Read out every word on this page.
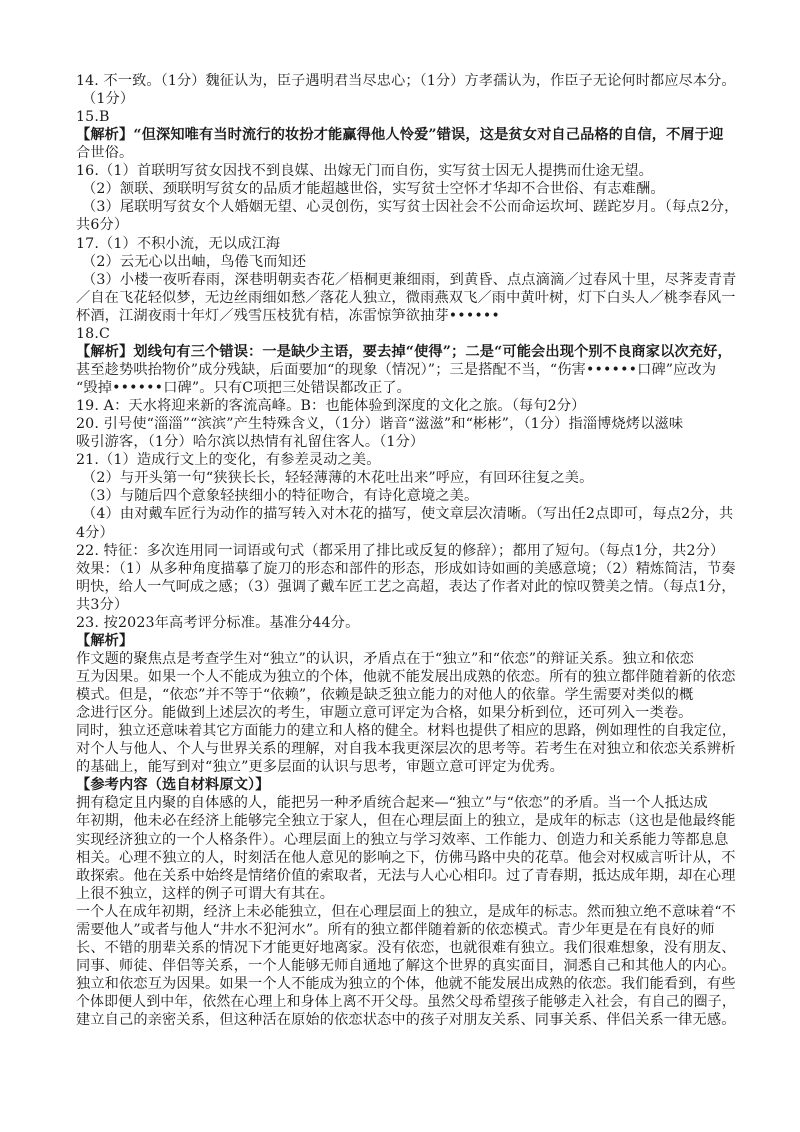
14. 不一致。（1分）魏征认为，臣子遇明君当尽忠心；（1分）方孝孺认为，作臣子无论何时都应尽本分。
（1分）
15.B
【解析】“但深知唯有当时流行的妆扮才能赢得他人怜爱”错误，这是贫女对自己品格的自信，不屑于迎
合世俗。
16.（1）首联明写贫女因找不到良媒、出嫁无门而自伤，实写贫士因无人提携而仕途无望。
（2）颔联、颈联明写贫女的品质才能超越世俗，实写贫士空怀才华却不合世俗、有志难酬。
（3）尾联明写贫女个人婚姻无望、心灵创伤，实写贫士因社会不公而命运坎坷、蹉跎岁月。（每点2分，
共6分）
17.（1）不积小流，无以成江海
（2）云无心以出岫，鸟倦飞而知还
（3）小楼一夜听春雨，深巷明朝卖杏花／梧桐更兼细雨，到黄昏、点点滴滴／过春风十里，尽荠麦青青
／自在飞花轻似梦，无边丝雨细如愁／落花人独立，微雨燕双飞／雨中黄叶树，灯下白头人／桃李春风一
杯酒，江湖夜雨十年灯／残雪压枝犹有桔，冻雷惊笋欲抽芽••••••
18.C
【解析】划线句有三个错误：一是缺少主语，要去掉“使得”；二是“可能会出现个别不良商家以次充好，
甚至趁势哄抬物价”成分残缺，后面要加“的现象（情况）”；三是搭配不当，“伤害••••••口碑”应改为
“毁掉••••••口碑”。只有C项把三处错误都改正了。
19. A：天水将迎来新的客流高峰。B：也能体验到深度的文化之旅。（每句2分）
20. 引号使“淄淄”“滨滨”产生特殊含义，（1分）谐音“滋滋”和“彬彬”，（1分）指淄博烧烤以滋味
吸引游客，（1分）哈尔滨以热情有礼留住客人。（1分）
21.（1）造成行文上的变化，有参差灵动之美。
（2）与开头第一句“狭狭长长，轻轻薄薄的木花吐出来”呼应，有回环往复之美。
（3）与随后四个意象轻挟细小的特征吻合，有诗化意境之美。
（4）由对戴车匠行为动作的描写转入对木花的描写，使文章层次清晰。（写出任2点即可，每点2分，共
4分）
22. 特征：多次连用同一词语或句式（都采用了排比或反复的修辞）；都用了短句。（每点1分，共2分）
效果：（1）从多种角度描摹了旋刀的形态和部件的形态，形成如诗如画的美感意境；（2）精炼简洁，节奏
明快，给人一气呵成之感；（3）强调了戴车匠工艺之高超，表达了作者对此的惊叹赞美之情。（每点1分，
共3分）
23. 按2023年高考评分标准。基准分44分。
【解析】
作文题的聚焦点是考查学生对“独立”的认识，矛盾点在于“独立”和“依恋”的辩证关系。独立和依恋
互为因果。如果一个人不能成为独立的个体，他就不能发展出成熟的依恋。所有的独立都伴随着新的依恋
模式。但是，“依恋”并不等于“依赖”，依赖是缺乏独立能力的对他人的依靠。学生需要对类似的概
念进行区分。能做到上述层次的考生，审题立意可评定为合格，如果分析到位，还可列入一类卷。
同时，独立还意味着其它方面能力的建立和人格的健全。材料也提供了相应的思路，例如理性的自我定位，
对个人与他人、个人与世界关系的理解，对自我本我更深层次的思考等。若考生在对独立和依恋关系辨析
的基础上，能写到对“独立”更多层面的认识与思考，审题立意可评定为优秀。
【参考内容（选自材料原文）】
拥有稳定且内聚的自体感的人，能把另一种矛盾统合起来—“独立”与“依恋”的矛盾。当一个人抵达成
年初期，他未必在经济上能够完全独立于家人，但在心理层面上的独立，是成年的标志（这也是他最终能
实现经济独立的一个人格条件）。心理层面上的独立与学习效率、工作能力、创造力和关系能力等都息息
相关。心理不独立的人，时刻活在他人意见的影响之下，仿佛马路中央的花草。他会对权威言听计从，不
敢探索。他在关系中始终是情绪价值的索取者，无法与人心心相印。过了青春期，抵达成年期，却在心理
上很不独立，这样的例子可谓大有其在。
一个人在成年初期，经济上未必能独立，但在心理层面上的独立，是成年的标志。然而独立绝不意味着“不
需要他人”或者与他人“井水不犯河水”。所有的独立都伴随着新的依恋模式。青少年更是在有良好的师
长、不错的朋辈关系的情况下才能更好地离家。没有依恋，也就很难有独立。我们很难想象，没有朋友、
同事、师徒、伴侣等关系，一个人能够无师自通地了解这个世界的真实面目，洞悉自己和其他人的内心。
独立和依恋互为因果。如果一个人不能成为独立的个体，他就不能发展出成熟的依恋。我们能看到，有些
个体即便人到中年，依然在心理上和身体上离不开父母。虽然父母希望孩子能够走入社会，有自己的圈子，
建立自己的亲密关系，但这种活在原始的依恋状态中的孩子对朋友关系、同事关系、伴侣关系一律无感。
